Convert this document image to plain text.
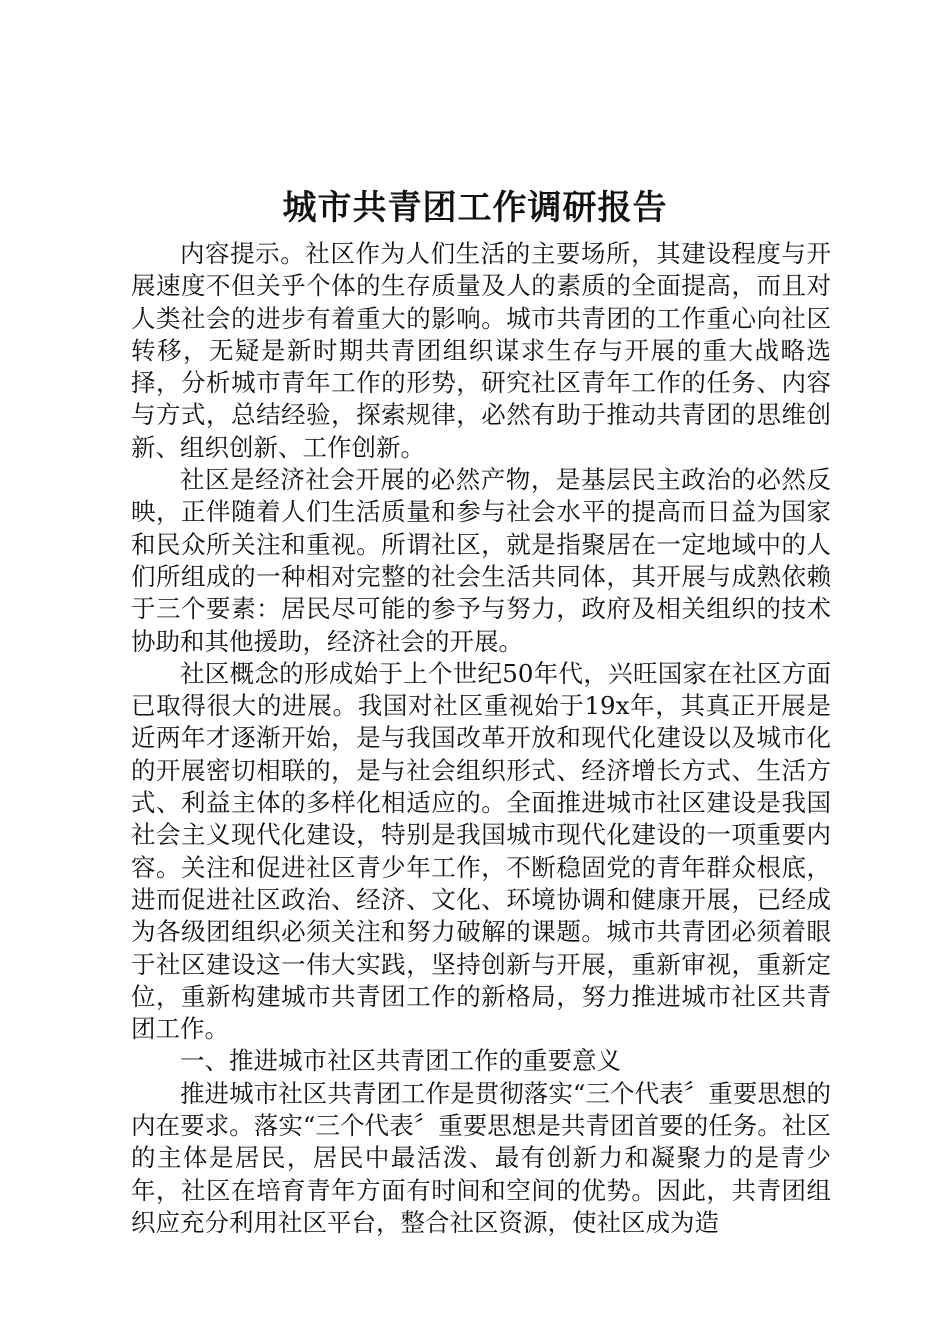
城市共青团工作调研报告

内容提示。社区作为人们生活的主要场所，其建设程度与开展速度不但关乎个体的生存质量及人的素质的全面提高，而且对人类社会的进步有着重大的影响。城市共青团的工作重心向社区转移，无疑是新时期共青团组织谋求生存与开展的重大战略选择，分析城市青年工作的形势，研究社区青年工作的任务、内容与方式，总结经验，探索规律，必然有助于推动共青团的思维创新、组织创新、工作创新。

社区是经济社会开展的必然产物，是基层民主政治的必然反映，正伴随着人们生活质量和参与社会水平的提高而日益为国家和民众所关注和重视。所谓社区，就是指聚居在一定地域中的人们所组成的一种相对完整的社会生活共同体，其开展与成熟依赖于三个要素：居民尽可能的参予与努力，政府及相关组织的技术协助和其他援助，经济社会的开展。

社区概念的形成始于上个世纪50年代，兴旺国家在社区方面已取得很大的进展。我国对社区重视始于19x年，其真正开展是近两年才逐渐开始，是与我国改革开放和现代化建设以及城市化的开展密切相联的，是与社会组织形式、经济增长方式、生活方式、利益主体的多样化相适应的。全面推进城市社区建设是我国社会主义现代化建设，特别是我国城市现代化建设的一项重要内容。关注和促进社区青少年工作，不断稳固党的青年群众根底，进而促进社区政治、经济、文化、环境协调和健康开展，已经成为各级团组织必须关注和努力破解的课题。城市共青团必须着眼于社区建设这一伟大实践，坚持创新与开展，重新审视，重新定位，重新构建城市共青团工作的新格局，努力推进城市社区共青团工作。

一、推进城市社区共青团工作的重要意义

推进城市社区共青团工作是贯彻落实“三个代表〞重要思想的内在要求。落实“三个代表〞重要思想是共青团首要的任务。社区的主体是居民，居民中最活泼、最有创新力和凝聚力的是青少年，社区在培育青年方面有时间和空间的优势。因此，共青团组织应充分利用社区平台，整合社区资源，使社区成为造
